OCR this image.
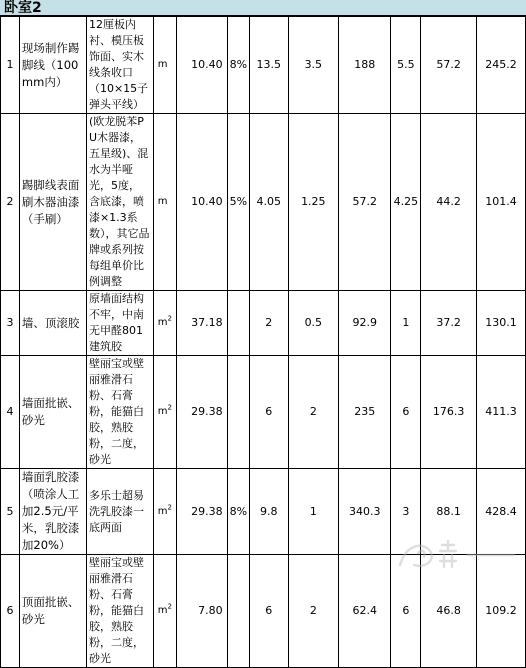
卧室2
1	现场制作踢脚线（100mm内）	12厘板内衬、模压板饰面、实木线条收口（10×15子弹头平线）	m	10.40	8%	13.5	3.5	188	5.5	57.2	245.2
2	踢脚线表面刷木器油漆（手刷）	(欧龙脱苯PU木器漆，五星级)、混水为半哑光，5度，含底漆，喷漆×1.3系数），其它品牌或系列按每组单价比例调整	m	10.40	5%	4.05	1.25	57.2	4.25	44.2	101.4
3	墙、顶滚胶	原墙面结构不牢，中南无甲醛801建筑胶	$m^2$	37.18		2	0.5	92.9	1	37.2	130.1
4	墙面批嵌、砂光	壁丽宝或壁丽雅滑石粉、石膏粉，能猫白胶，熟胶粉，二度，砂光	$m^2$	29.38		6	2	235	6	176.3	411.3
5	墙面乳胶漆（喷涂人工加2.5元/平米，乳胶漆加20%）	多乐士超易洗乳胶漆一底两面	$m^2$	29.38	8%	9.8	1	340.3	3	88.1	428.4
6	顶面批嵌、砂光	壁丽宝或壁丽雅滑石粉、石膏粉，能猫白胶，熟胶粉，二度，砂光	$m^2$	7.80		6	2	62.4	6	46.8	109.2
